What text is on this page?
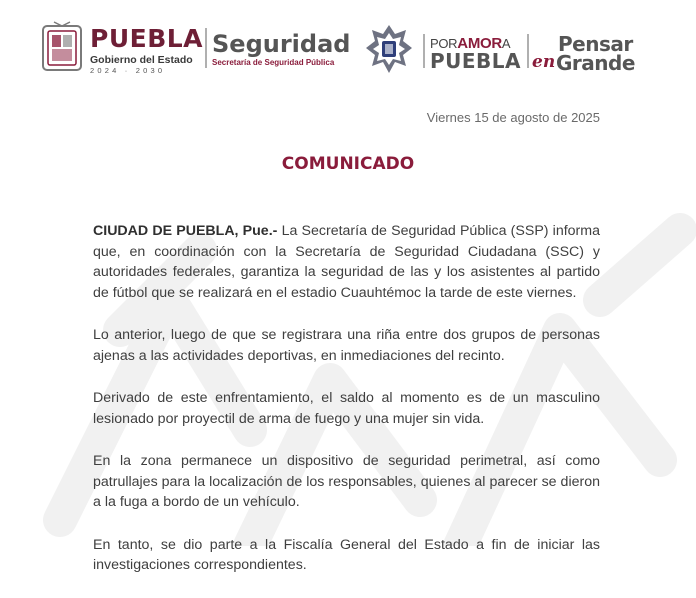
PUEBLA
Gobierno del Estado
2024 · 2030
Seguridad
Secretaría de Seguridad Pública
PORAMORA
PUEBLA
Pensar
en Grande
Viernes 15 de agosto de 2025
COMUNICADO

CIUDAD DE PUEBLA, Pue.- La Secretaría de Seguridad Pública (SSP) informa que, en coordinación con la Secretaría de Seguridad Ciudadana (SSC) y autoridades federales, garantiza la seguridad de las y los asistentes al partido de fútbol que se realizará en el estadio Cuauhtémoc la tarde de este viernes.

Lo anterior, luego de que se registrara una riña entre dos grupos de personas ajenas a las actividades deportivas, en inmediaciones del recinto.

Derivado de este enfrentamiento, el saldo al momento es de un masculino lesionado por proyectil de arma de fuego y una mujer sin vida.

En la zona permanece un dispositivo de seguridad perimetral, así como patrullajes para la localización de los responsables, quienes al parecer se dieron a la fuga a bordo de un vehículo.

En tanto, se dio parte a la Fiscalía General del Estado a fin de iniciar las investigaciones correspondientes.
